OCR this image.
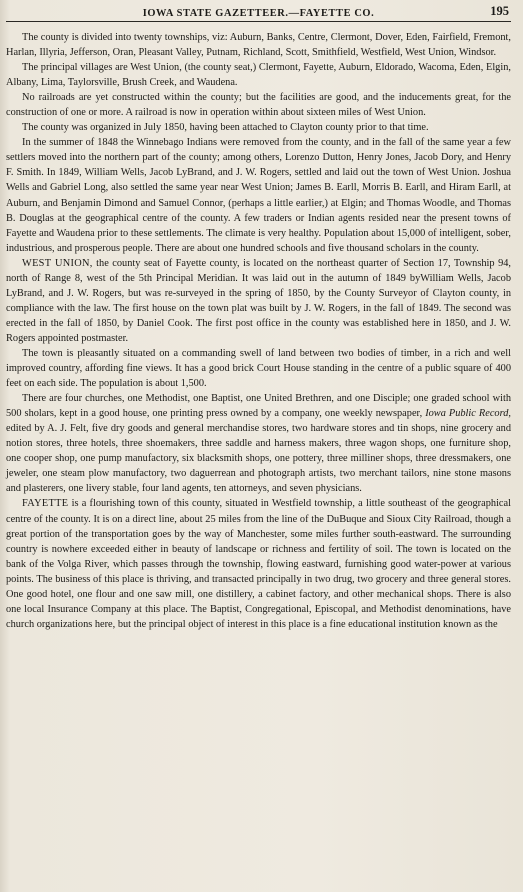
IOWA STATE GAZETTEER.—FAYETTE CO.	195

The county is divided into twenty townships, viz: Auburn, Banks, Centre, Clermont, Dover, Eden, Fairfield, Fremont, Harlan, Illyria, Jefferson, Oran, Pleasant Valley, Putnam, Richland, Scott, Smithfield, Westfield, West Union, Windsor.

The principal villages are West Union, (the county seat,) Clermont, Fayette, Auburn, Eldorado, Wacoma, Eden, Elgin, Albany, Lima, Taylorsville, Brush Creek, and Waudena.

No railroads are yet constructed within the county; but the facilities are good, and the inducements great, for the construction of one or more. A railroad is now in operation within about sixteen miles of West Union.

The county was organized in July 1850, having been attached to Clayton county prior to that time.

In the summer of 1848 the Winnebago Indians were removed from the county, and in the fall of the same year a few settlers moved into the northern part of the county; among others, Lorenzo Dutton, Henry Jones, Jacob Dory, and Henry F. Smith. In 1849, William Wells, Jacob LyBrand, and J. W. Rogers, settled and laid out the town of West Union. Joshua Wells and Gabriel Long, also settled the same year near West Union; James B. Earll, Morris B. Earll, and Hiram Earll, at Auburn, and Benjamin Dimond and Samuel Connor, (perhaps a little earlier,) at Elgin; and Thomas Woodle, and Thomas B. Douglas at the geographical centre of the county. A few traders or Indian agents resided near the present towns of Fayette and Waudena prior to these settlements. The climate is very healthy. Population about 15,000 of intelligent, sober, industrious, and prosperous people. There are about one hundred schools and five thousand scholars in the county.

WEST UNION, the county seat of Fayette county, is located on the northeast quarter of Section 17, Township 94, north of Range 8, west of the 5th Principal Meridian. It was laid out in the autumn of 1849 byWilliam Wells, Jacob LyBrand, and J. W. Rogers, but was re-surveyed in the spring of 1850, by the County Surveyor of Clayton county, in compliance with the law. The first house on the town plat was built by J. W. Rogers, in the fall of 1849. The second was erected in the fall of 1850, by Daniel Cook. The first post office in the county was established here in 1850, and J. W. Rogers appointed postmaster.

The town is pleasantly situated on a commanding swell of land between two bodies of timber, in a rich and well improved country, affording fine views. It has a good brick Court House standing in the centre of a public square of 400 feet on each side. The population is about 1,500.

There are four churches, one Methodist, one Baptist, one United Brethren, and one Disciple; one graded school with 500 sholars, kept in a good house, one printing press owned by a company, one weekly newspaper, Iowa Public Record, edited by A. J. Felt, five dry goods and general merchandise stores, two hardware stores and tin shops, nine grocery and notion stores, three hotels, three shoemakers, three saddle and harness makers, three wagon shops, one furniture shop, one cooper shop, one pump manufactory, six blacksmith shops, one pottery, three milliner shops, three dressmakers, one jeweler, one steam plow manufactory, two daguerrean and photograph artists, two merchant tailors, nine stone masons and plasterers, one livery stable, four land agents, ten attorneys, and seven physicians.

FAYETTE is a flourishing town of this county, situated in Westfield township, a little southeast of the geographical centre of the county. It is on a direct line, about 25 miles from the line of the DuBuque and Sioux City Railroad, though a great portion of the transportation goes by the way of Manchester, some miles further south-eastward. The surrounding country is nowhere exceeded either in beauty of landscape or richness and fertility of soil. The town is located on the bank of the Volga River, which passes through the township, flowing eastward, furnishing good water-power at various points. The business of this place is thriving, and transacted principally in two drug, two grocery and three general stores. One good hotel, one flour and one saw mill, one distillery, a cabinet factory, and other mechanical shops. There is also one local Insurance Company at this place. The Baptist, Congregational, Episcopal, and Methodist denominations, have church organizations here, but the principal object of interest in this place is a fine educational institution known as the
